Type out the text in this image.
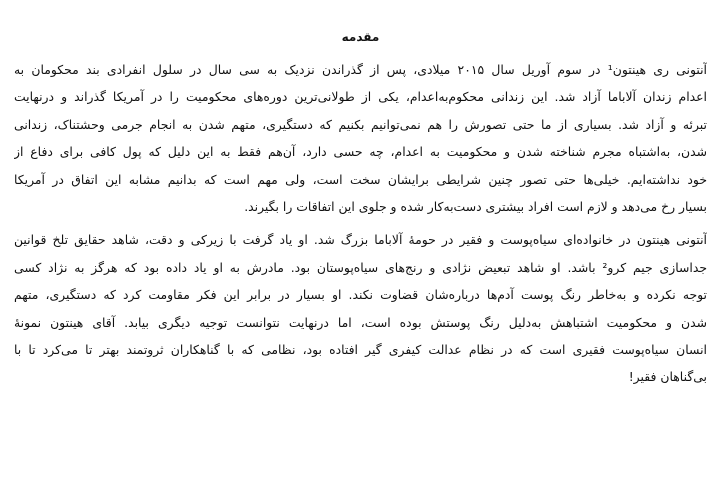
مقدمه
آنتونی ری هینتون¹ در سوم آوریل سال ۲۰۱۵ میلادی، پس از گذراندن نزدیک به سی سال در سلول انفرادی بند محکومان به
اعدام زندان آلاباما آزاد شد. این زندانی محکوم‌به‌اعدام، یکی از طولانی‌ترین دوره‌های محکومیت را در آمریکا گذراند و درنهایت
تبرئه و آزاد شد. بسیاری از ما حتی تصورش را هم نمی‌توانیم بکنیم که دستگیری، متهم شدن به انجام جرمی وحشتناک، زندانی
شدن، به‌اشتباه مجرم شناخته شدن و محکومیت به اعدام، چه حسی دارد، آن‌هم فقط به این دلیل که پول کافی برای دفاع از
خود نداشته‌ایم. خیلی‌ها حتی تصور چنین شرایطی برایشان سخت است، ولی مهم است که بدانیم مشابه این اتفاق در آمریکا
بسیار رخ می‌دهد و لازم است افراد بیشتری دست‌به‌کار شده و جلوی این اتفاقات را بگیرند.
آنتونی هینتون در خانواده‌ای سیاه‌پوست و فقیر در حومهٔ آلاباما بزرگ شد. او یاد گرفت با زیرکی و دقت، شاهد حقایق تلخ قوانین
جداسازی جیم کرو² باشد. او شاهد تبعیض نژادی و رنج‌های سیاه‌پوستان بود. مادرش به او یاد داده بود که هرگز به نژاد کسی
توجه نکرده و به‌خاطر رنگ پوست آدم‌ها درباره‌شان قضاوت نکند. او بسیار در برابر این فکر مقاومت کرد که دستگیری، متهم
شدن و محکومیت اشتباهش به‌دلیل رنگ پوستش بوده است، اما درنهایت نتوانست توجیه دیگری بیابد. آقای هینتون نمونهٔ
انسان سیاه‌پوست فقیری است که در نظام عدالت کیفری گیر افتاده بود، نظامی که با گناهکاران ثروتمند بهتر تا می‌کرد تا با
بی‌گناهان فقیر!
